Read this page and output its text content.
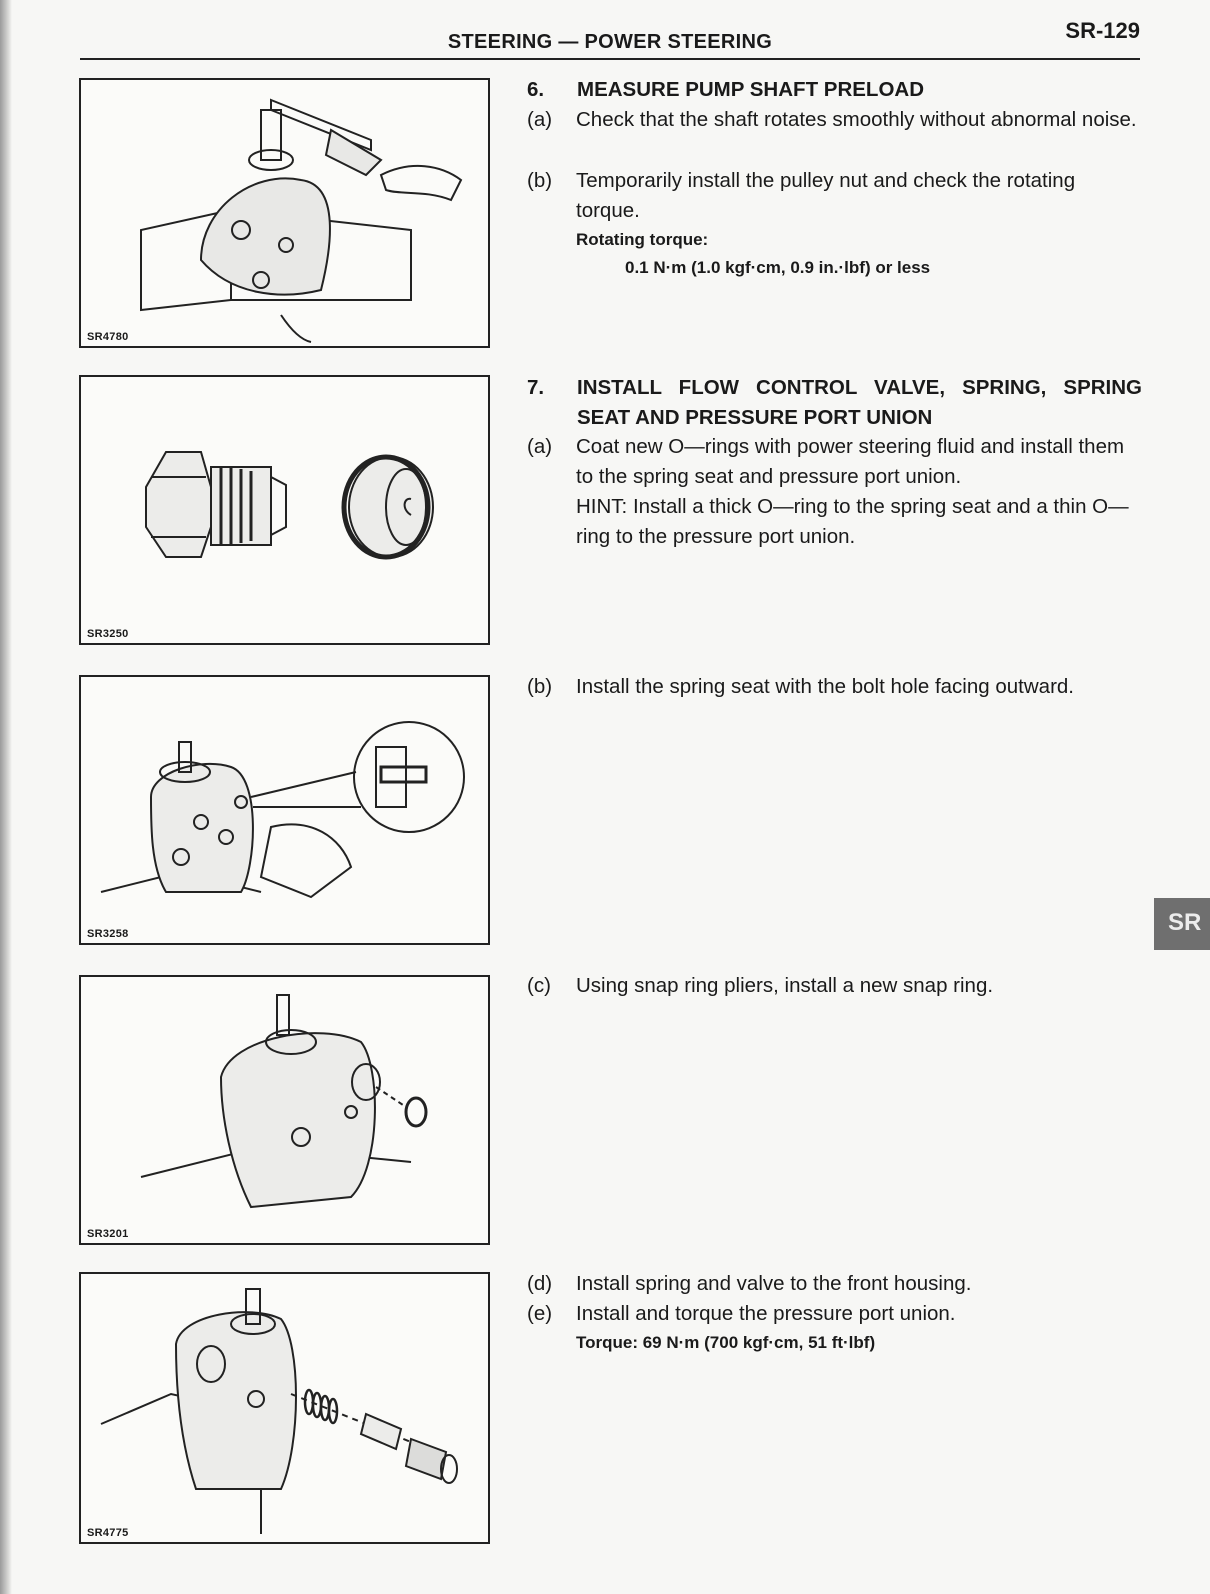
STEERING — POWER STEERING	SR-129
SR4780
SR3250
SR3258
SR3201
SR4775
6. MEASURE PUMP SHAFT PRELOAD
(a) Check that the shaft rotates smoothly without abnormal noise.
(b) Temporarily install the pulley nut and check the rotating torque.
Rotating torque:
0.1 N·m (1.0 kgf·cm, 0.9 in.·lbf) or less
7. INSTALL FLOW CONTROL VALVE, SPRING, SPRING SEAT AND PRESSURE PORT UNION
(a) Coat new O—rings with power steering fluid and install them to the spring seat and pressure port union.
HINT: Install a thick O—ring to the spring seat and a thin O—ring to the pressure port union.
(b) Install the spring seat with the bolt hole facing outward.
(c) Using snap ring pliers, install a new snap ring.
(d) Install spring and valve to the front housing.
(e) Install and torque the pressure port union.
Torque: 69 N·m (700 kgf·cm, 51 ft·lbf)
SR
